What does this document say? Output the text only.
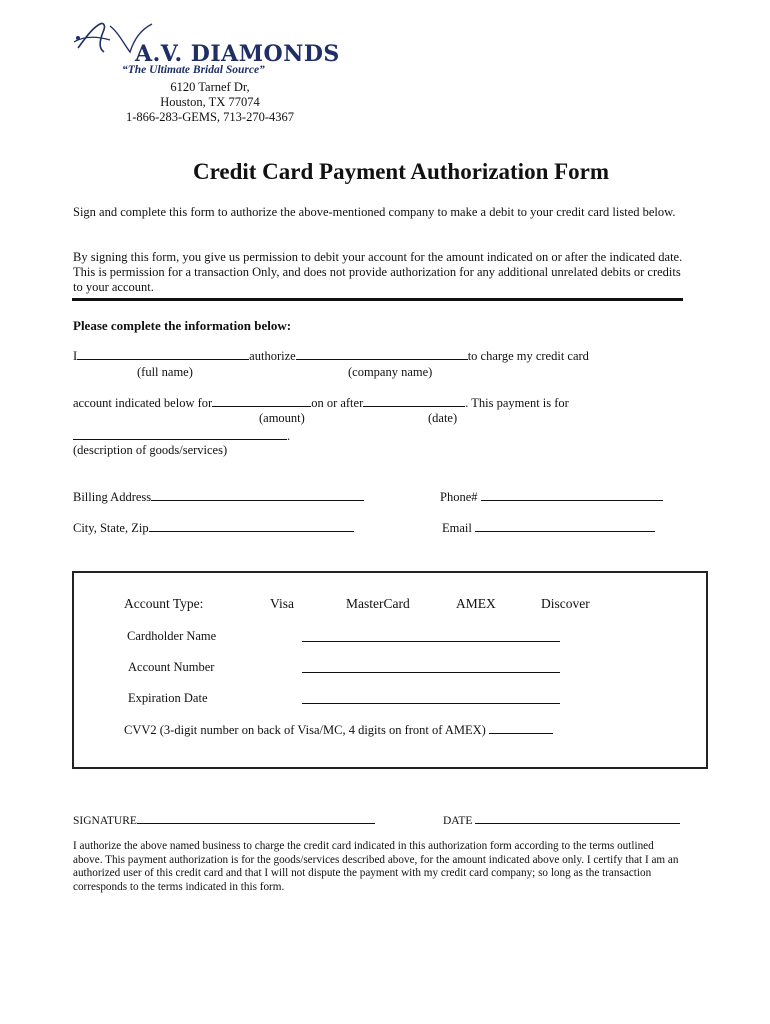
A.V. DIAMONDS
“The Ultimate Bridal Source”
6120 Tarnef Dr,
Houston, TX 77074
1-866-283-GEMS, 713-270-4367
Credit Card Payment Authorization Form
Sign and complete this form to authorize the above-mentioned company to make a debit to your credit card listed below.
By signing this form, you give us permission to debit your account for the amount indicated on or after the indicated date. This is permission for a transaction Only, and does not provide authorization for any additional unrelated debits or credits to your account.
Please complete the information below:
I	authorize	to charge my credit card
(full name)	(company name)
account indicated below for	on or after	. This payment is for
(amount)	(date)
.
(description of goods/services)
Billing Address	Phone#
City, State, Zip	Email
Account Type:	Visa	MasterCard	AMEX	Discover
Cardholder Name
Account Number
Expiration Date
CVV2 (3-digit number on back of Visa/MC, 4 digits on front of AMEX)
SIGNATURE	DATE
I authorize the above named business to charge the credit card indicated in this authorization form according to the terms outlined above. This payment authorization is for the goods/services described above, for the amount indicated above only. I certify that I am an authorized user of this credit card and that I will not dispute the payment with my credit card company; so long as the transaction corresponds to the terms indicated in this form.
